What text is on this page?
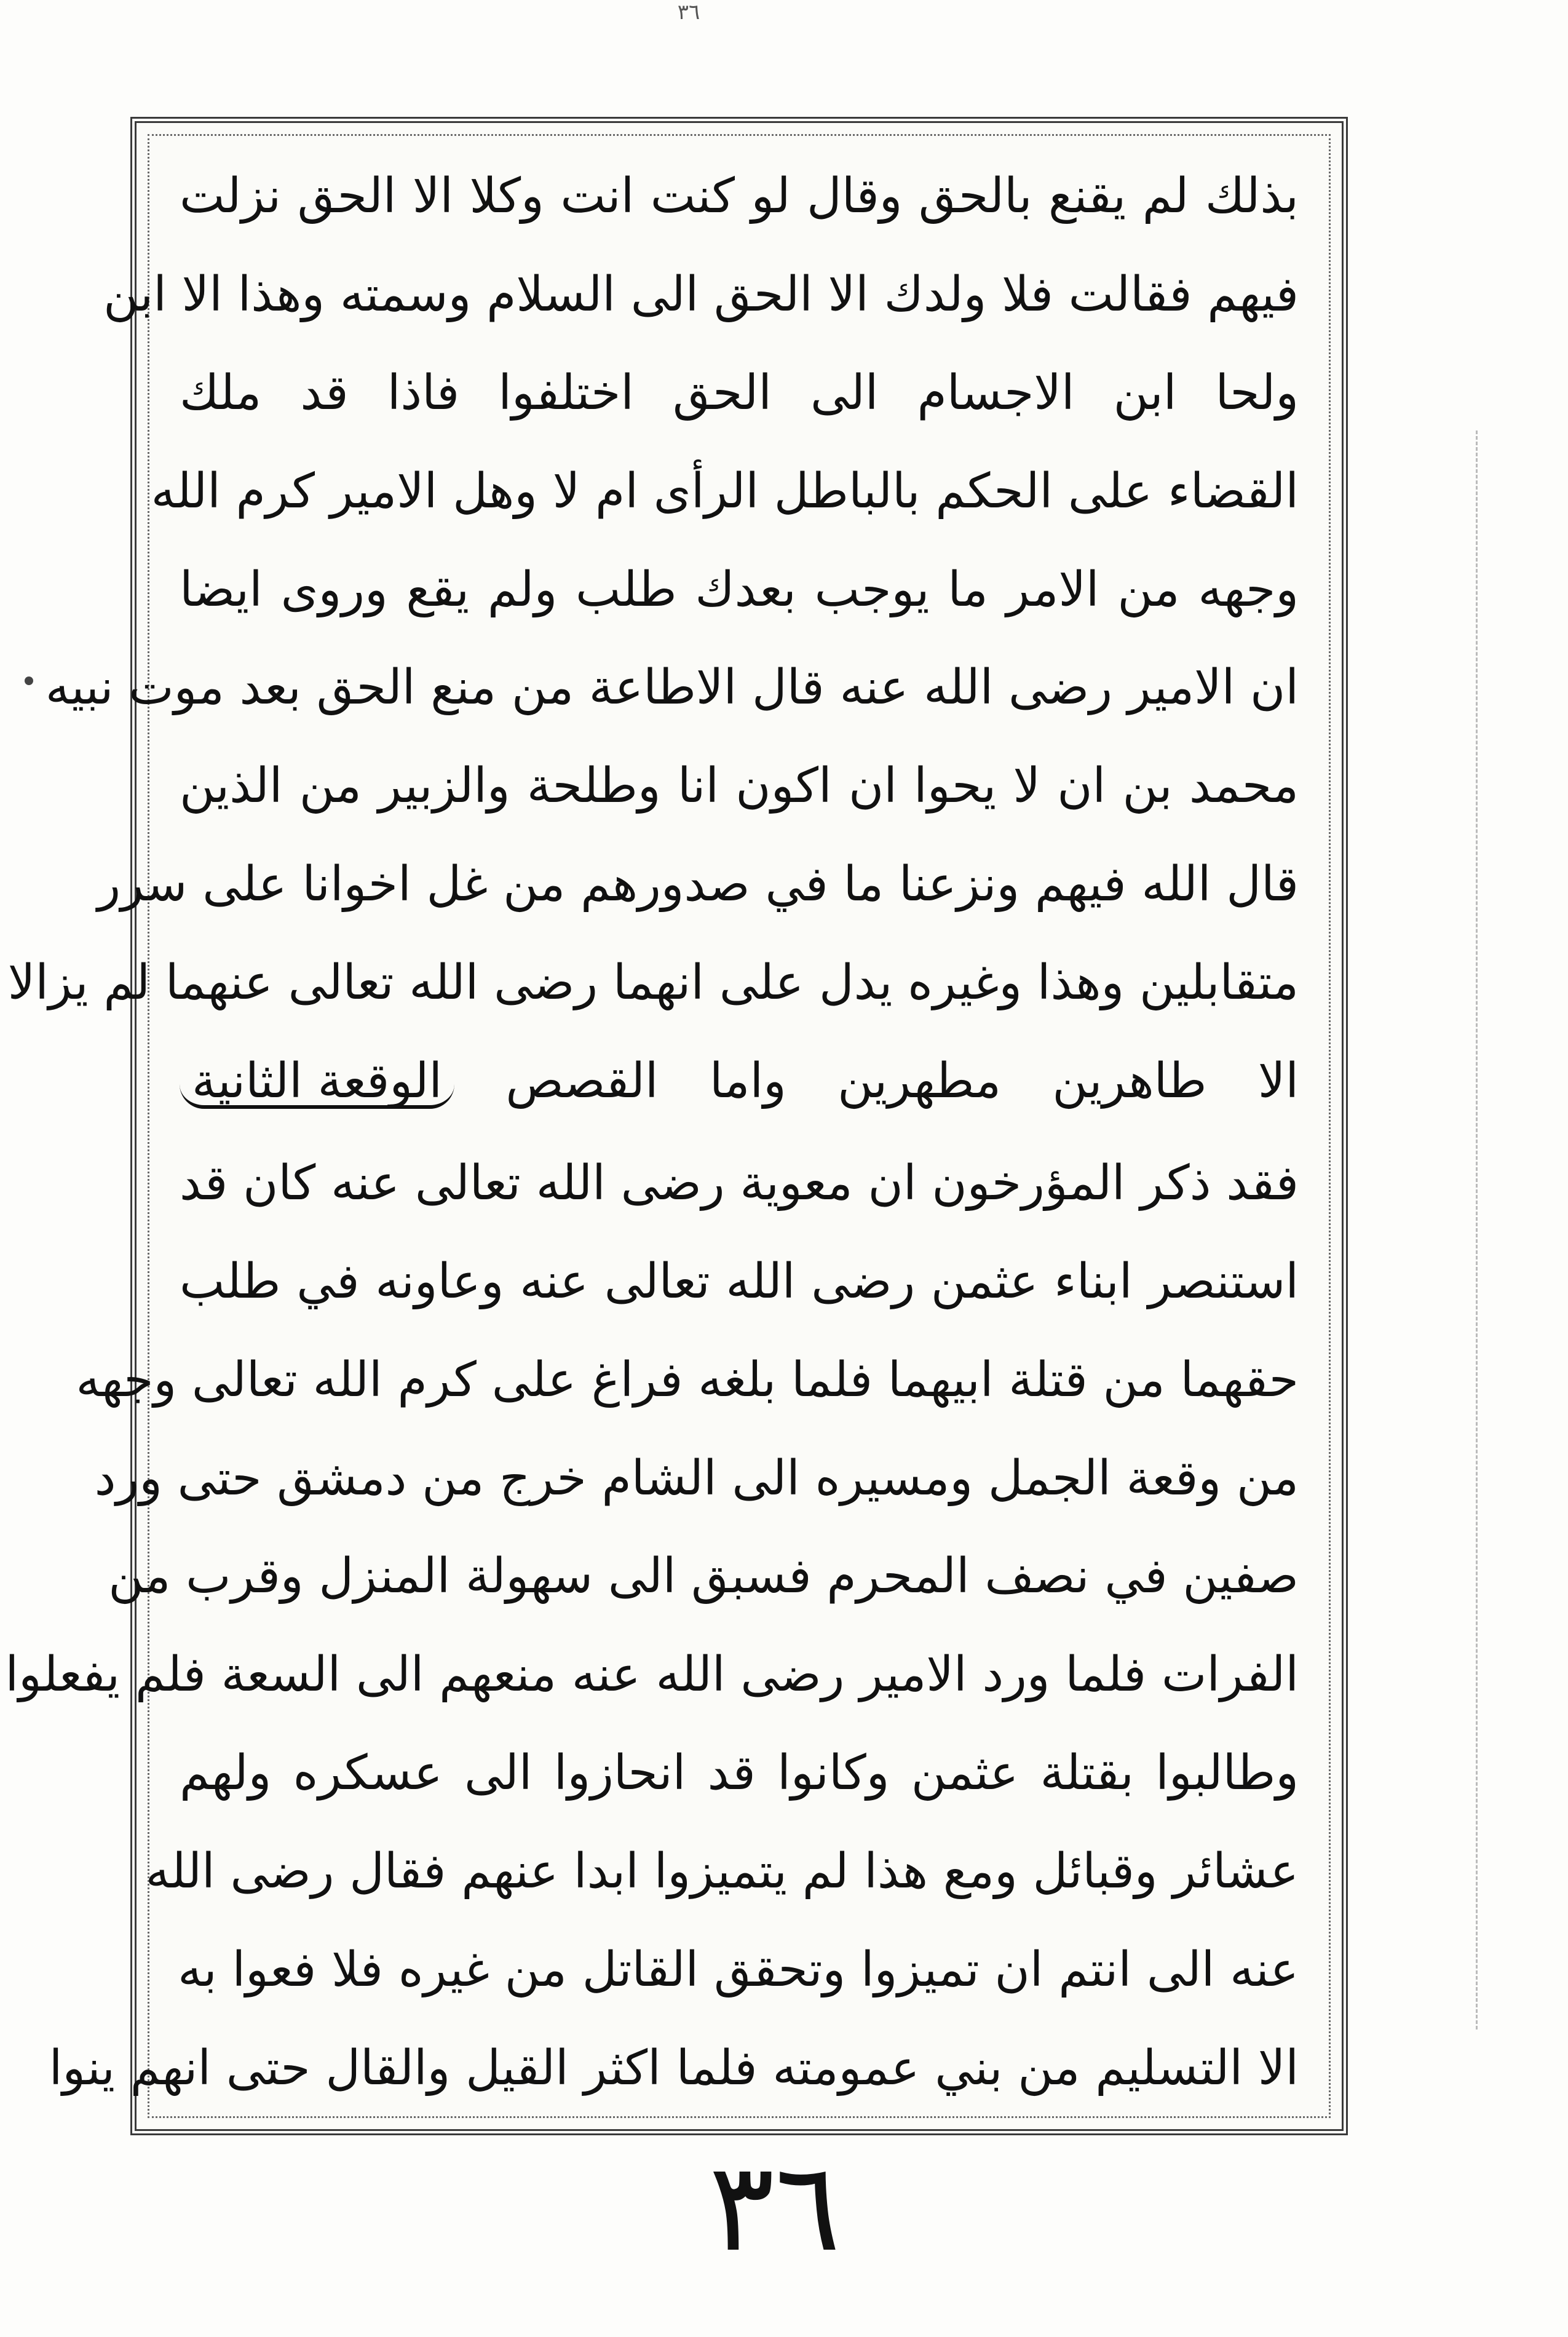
٣٦
بذلك لم يقنع بالحق وقال لو كنت انت وكلا الا الحق نزلت
فيهم فقالت فلا ولدك الا الحق الى السلام وسمته وهذا الا ابن
ولحا ابن الاجسام الى الحق اختلفوا فاذا قد ملك
القضاء على الحكم بالباطل الرأى ام لا وهل الامير كرم الله
وجهه من الامر ما يوجب بعدك طلب ولم يقع وروى ايضا
ان الامير رضى الله عنه قال الاطاعة من منع الحق بعد موت نبيه
محمد بن ان لا يحوا ان اكون انا وطلحة والزبير من الذين
قال الله فيهم ونزعنا ما في صدورهم من غل اخوانا على سرر
متقابلين وهذا وغيره يدل على انهما رضى الله تعالى عنهما لم يزالا
الا طاهرين مطهرين واما القصص الوقعة الثانية
فقد ذكر المؤرخون ان معوية رضى الله تعالى عنه كان قد
استنصر ابناء عثمن رضى الله تعالى عنه وعاونه في طلب
حقهما من قتلة ابيهما فلما بلغه فراغ على كرم الله تعالى وجهه
من وقعة الجمل ومسيره الى الشام خرج من دمشق حتى ورد
صفين في نصف المحرم فسبق الى سهولة المنزل وقرب من
الفرات فلما ورد الامير رضى الله عنه منعهم الى السعة فلم يفعلوا
وطالبوا بقتلة عثمن وكانوا قد انحازوا الى عسكره ولهم
عشائر وقبائل ومع هذا لم يتميزوا ابدا عنهم فقال رضى الله
عنه الى انتم ان تميزوا وتحقق القاتل من غيره فلا فعوا به
الا التسليم من بني عمومته فلما اكثر القيل والقال حتى انهم ينوا
٣٦
